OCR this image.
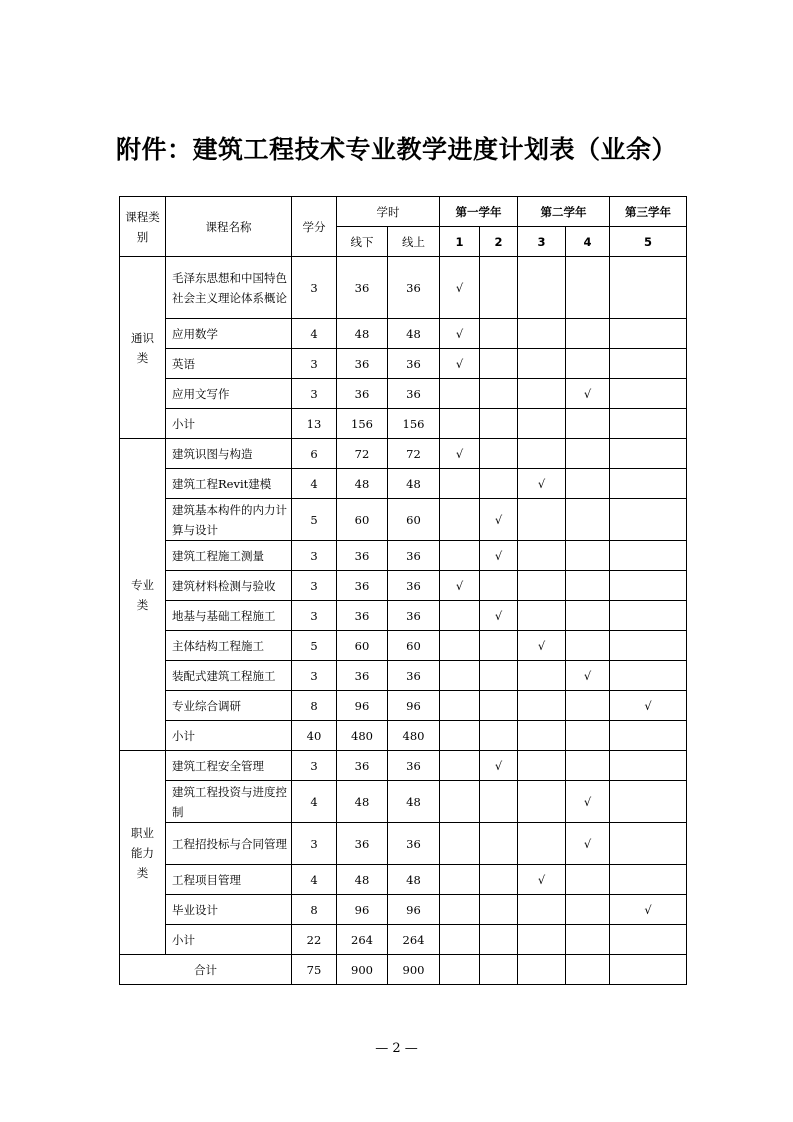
附件：建筑工程技术专业教学进度计划表（业余）
课程类别	课程名称	学分	学时		第一学年		第二学年		第三学年
			线下	线上	1	2	3	4	5
通识类	毛泽东思想和中国特色社会主义理论体系概论	3	36	36	√				
	应用数学	4	48	48	√				
	英语	3	36	36	√				
	应用文写作	3	36	36				√	
	小计	13	156	156					
专业类	建筑识图与构造	6	72	72	√				
	建筑工程Revit建模	4	48	48			√		
	建筑基本构件的内力计算与设计	5	60	60		√			
	建筑工程施工测量	3	36	36		√			
	建筑材料检测与验收	3	36	36	√				
	地基与基础工程施工	3	36	36		√			
	主体结构工程施工	5	60	60			√		
	装配式建筑工程施工	3	36	36				√	
	专业综合调研	8	96	96					√
	小计	40	480	480					
职业能力类	建筑工程安全管理	3	36	36		√			
	建筑工程投资与进度控制	4	48	48				√	
	工程招投标与合同管理	3	36	36				√	
	工程项目管理	4	48	48			√		
	毕业设计	8	96	96					√
	小计	22	264	264					
合计		75	900	900					
— 2 —
